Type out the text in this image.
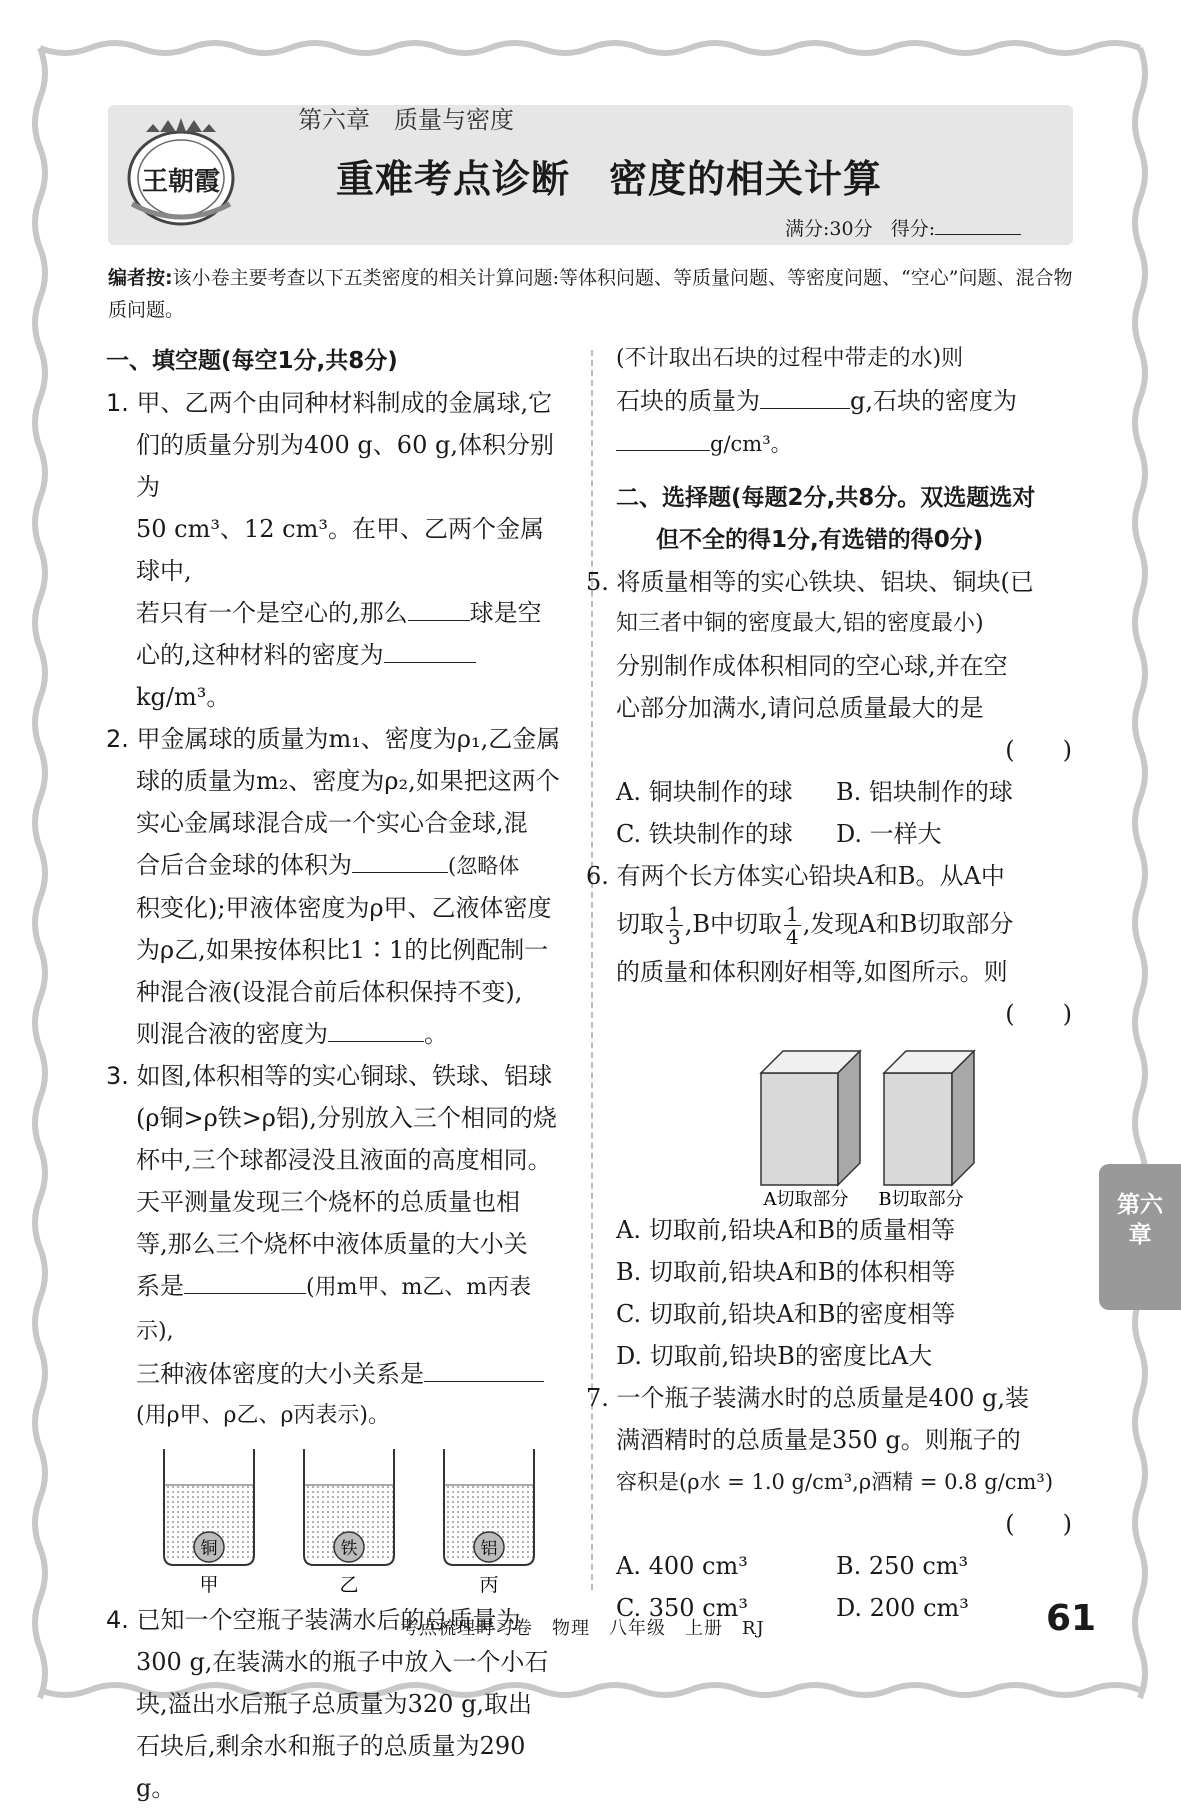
王朝霞
第六章　质量与密度
重难考点诊断　密度的相关计算
满分:30分 得分:
编者按:该小卷主要考查以下五类密度的相关计算问题:等体积问题、等质量问题、等密度问题、“空心”问题、混合物质问题。
一、填空题(每空1分,共8分)
1. 甲、乙两个由同种材料制成的金属球,它
们的质量分别为400 g、60 g,体积分别为
50 cm³、12 cm³。在甲、乙两个金属球中,
若只有一个是空心的,那么	球是空
心的,这种材料的密度为kg/m³。
2. 甲金属球的质量为m₁、密度为ρ₁,乙金属
球的质量为m₂、密度为ρ₂,如果把这两个
实心金属球混合成一个实心合金球,混
合后合金球的体积为	(忽略体
积变化);甲液体密度为ρ甲、乙液体密度
为ρ乙,如果按体积比1∶1的比例配制一
种混合液(设混合前后体积保持不变),
则混合液的密度为	。
3. 如图,体积相等的实心铜球、铁球、铝球
(ρ铜>ρ铁>ρ铝),分别放入三个相同的烧
杯中,三个球都浸没且液面的高度相同。
天平测量发现三个烧杯的总质量也相
等,那么三个烧杯中液体质量的大小关
系是	(用m甲、m乙、m丙表示),
三种液体密度的大小关系是
(用ρ甲、ρ乙、ρ丙表示)。
铜
甲
铁
乙
铝
丙
4. 已知一个空瓶子装满水后的总质量为
300 g,在装满水的瓶子中放入一个小石
块,溢出水后瓶子总质量为320 g,取出
石块后,剩余水和瓶子的总质量为290 g。
(不计取出石块的过程中带走的水)则
石块的质量为	g,石块的密度为
g/cm³。
二、选择题(每题2分,共8分。双选题选对
但不全的得1分,有选错的得0分)
5. 将质量相等的实心铁块、铝块、铜块(已
知三者中铜的密度最大,铝的密度最小)
分别制作成体积相同的空心球,并在空
心部分加满水,请问总质量最大的是
(　　)
A. 铜块制作的球	B. 铝块制作的球
C. 铁块制作的球	D. 一样大
6. 有两个长方体实心铅块A和B。从A中
切取 $\frac{1}{3} ,B$中切取 $\frac{1}{4}$ ,发现A和B切取部分
的质量和体积刚好相等,如图所示。则
(　　)
A切取部分 B切取部分
A. 切取前,铅块A和B的质量相等
B. 切取前,铅块A和B的体积相等
C. 切取前,铅块A和B的密度相等
D. 切取前,铅块B的密度比A大
7. 一个瓶子装满水时的总质量是400 g,装
满酒精时的总质量是350 g。则瓶子的
容积是(ρ水 = 1.0 g/cm³,ρ酒精 = 0.8 g/cm³)
(　　)
A. 400 cm³	B. 250 cm³
C. 350 cm³	D. 200 cm³
第六
章
考点梳理时习卷　物理　八年级　上册　RJ	61
